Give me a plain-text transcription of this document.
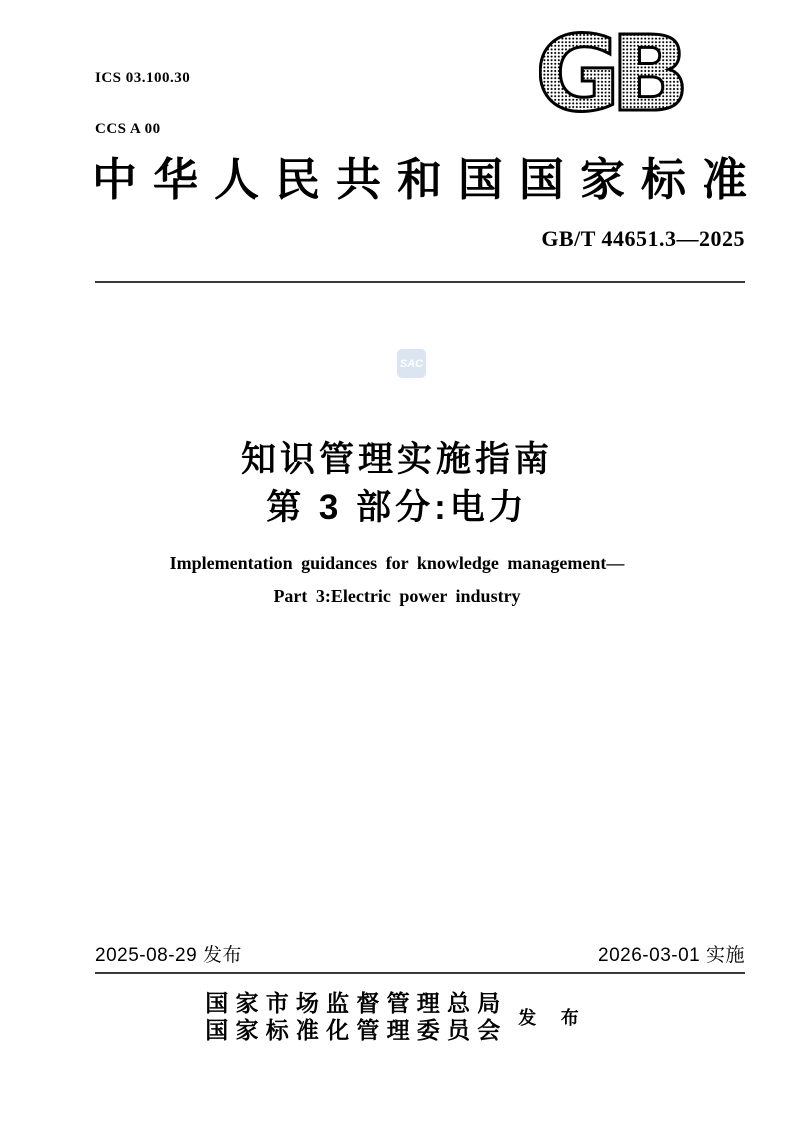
ICS 03.100.30

CCS A 00

	GB
中华人民共和国国家标准
GB/T 44651.3—2025
SAC
知识管理实施指南
第 3 部分:电力
Implementation guidances for knowledge management—
Part 3:Electric power industry
2025-08-29 发布	2026-03-01 实施
国家市场监督管理总局
国家标准化管理委员会 发 布
